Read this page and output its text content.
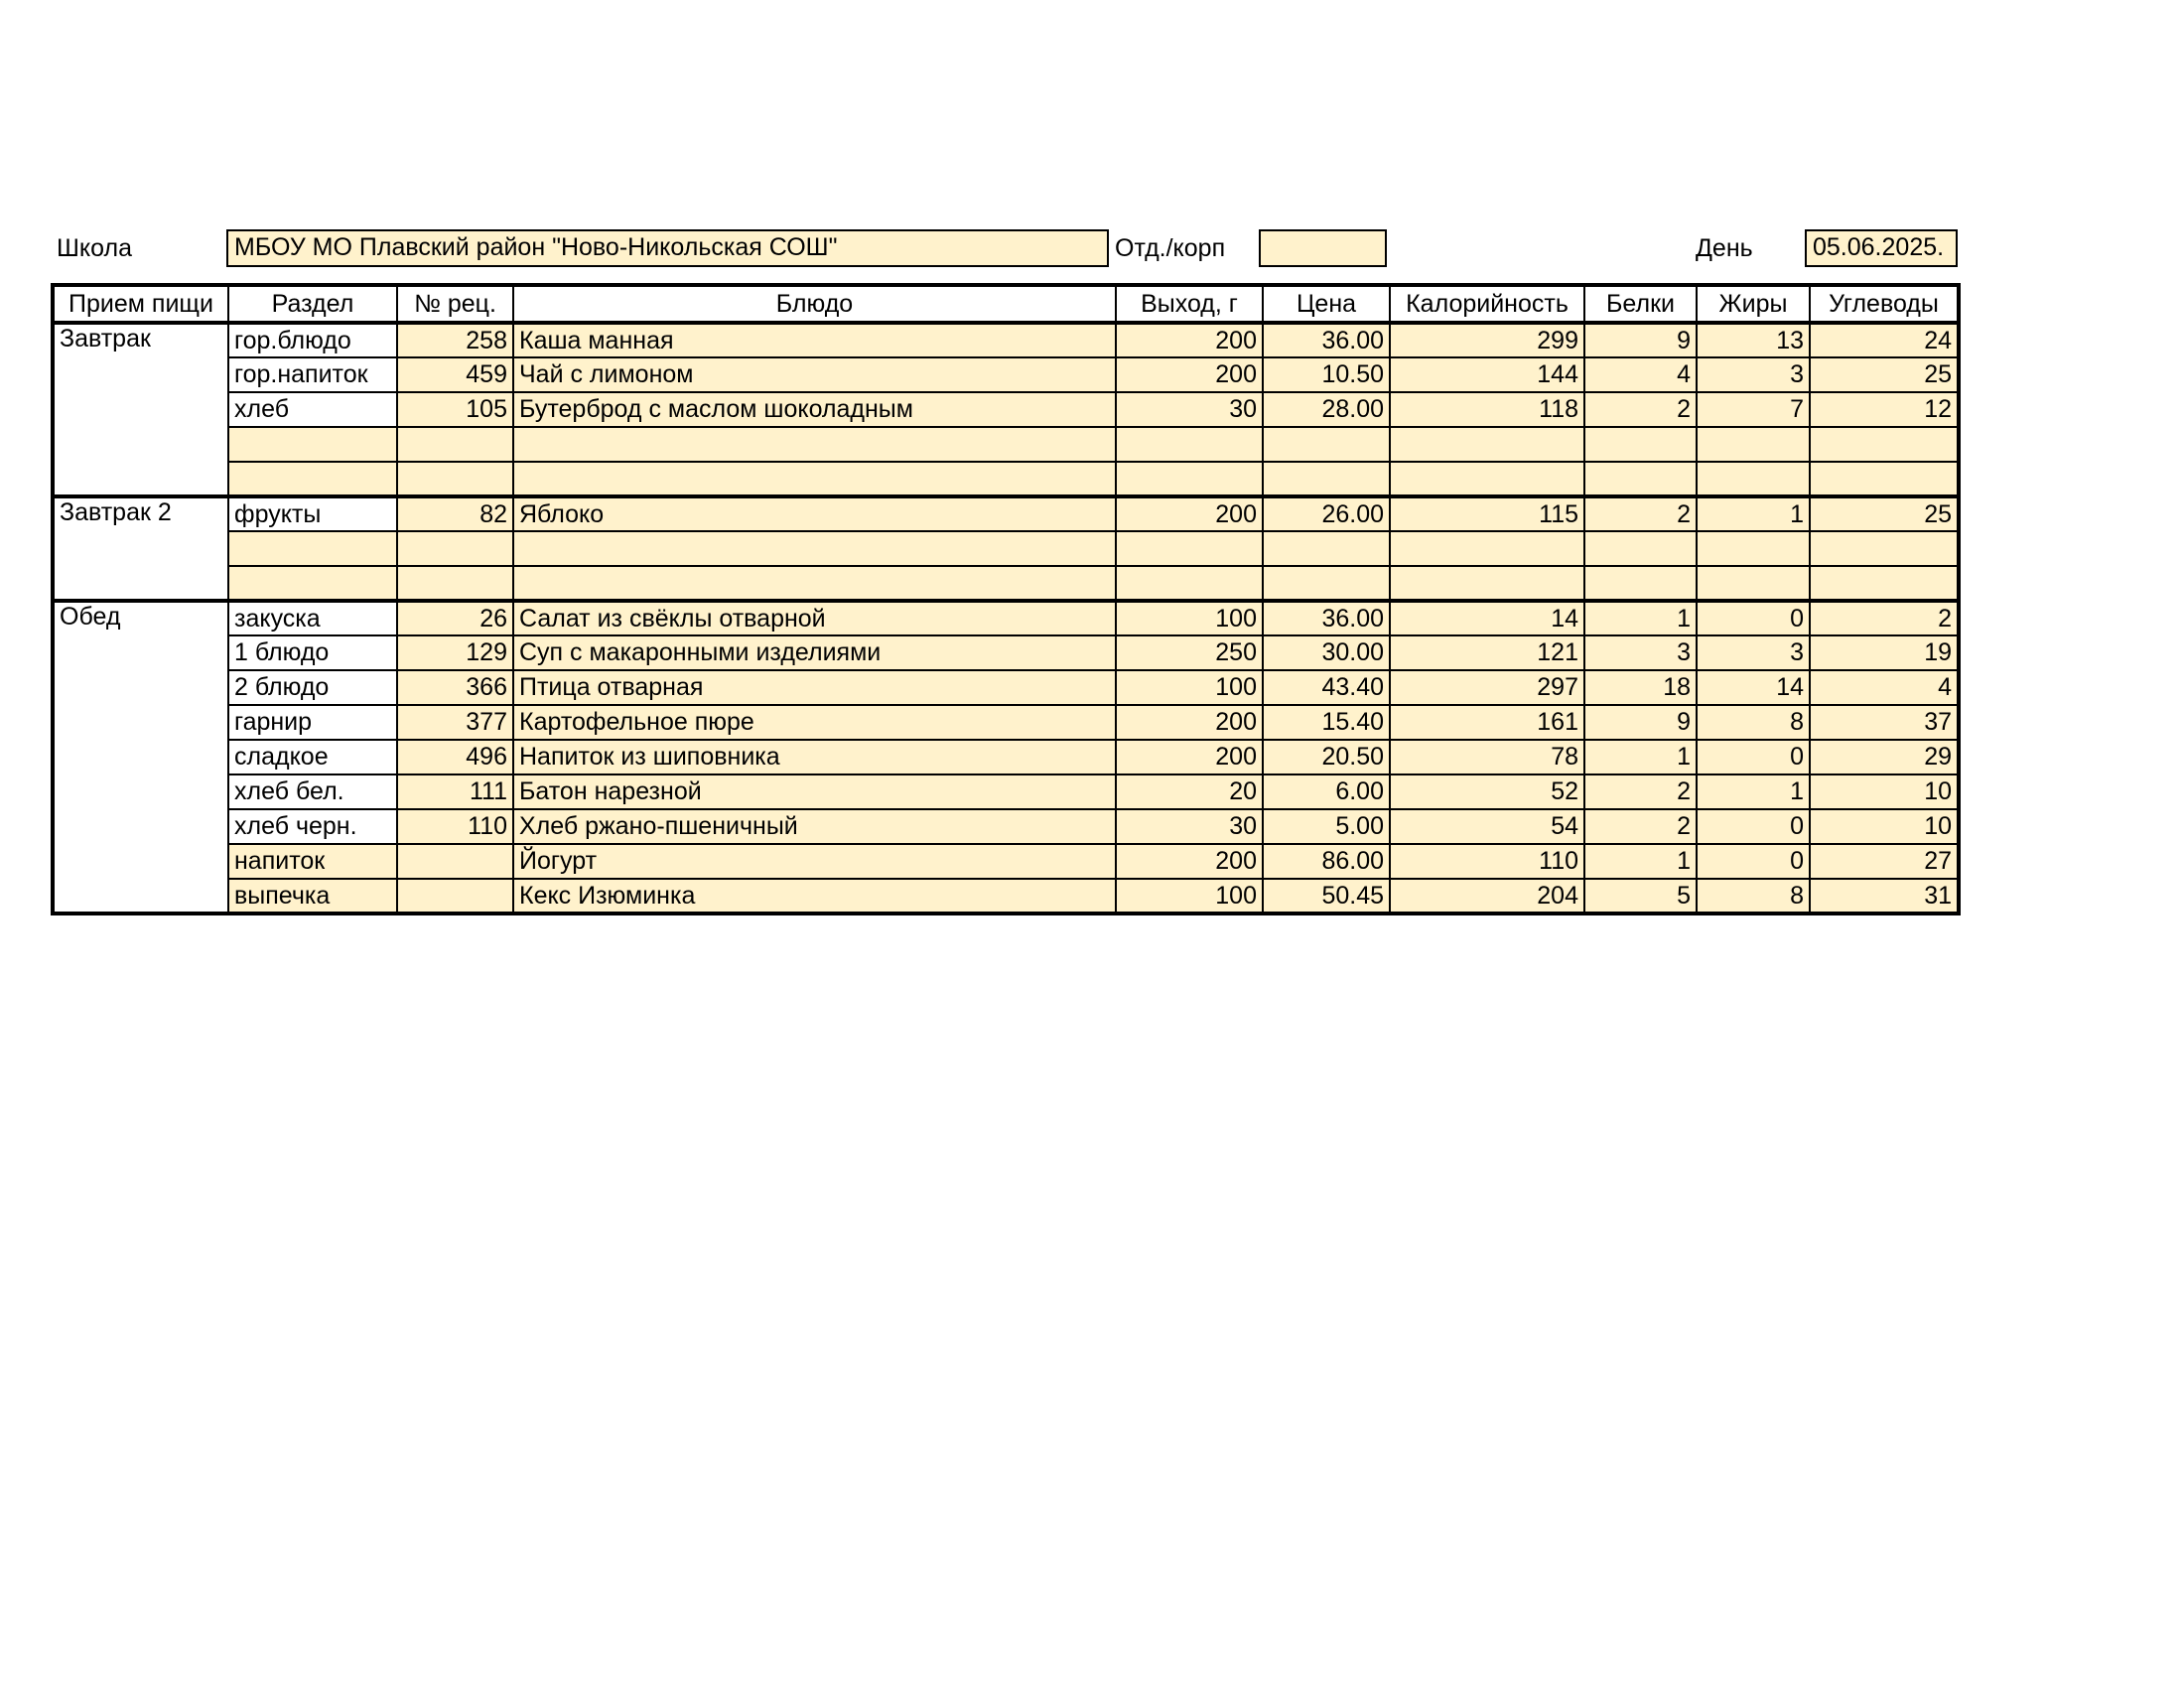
Школа	МБОУ МО Плавский район "Ново-Никольская СОШ"	Отд./корп	День	05.06.2025.
Прием пищи	Раздел	№ рец.	Блюдо	Выход, г	Цена	Калорийность	Белки	Жиры	Углеводы
Завтрак	гор.блюдо	258	Каша манная	200	36.00	299	9	13	24
	гор.напиток	459	Чай с лимоном	200	10.50	144	4	3	25
	хлеб	105	Бутерброд с маслом шоколадным	30	28.00	118	2	7	12

Завтрак 2	фрукты	82	Яблоко	200	26.00	115	2	1	25

Обед	закуска	26	Салат из свёклы отварной	100	36.00	14	1	0	2
	1 блюдо	129	Суп с макаронными изделиями	250	30.00	121	3	3	19
	2 блюдо	366	Птица отварная	100	43.40	297	18	14	4
	гарнир	377	Картофельное пюре	200	15.40	161	9	8	37
	сладкое	496	Напиток из шиповника	200	20.50	78	1	0	29
	хлеб бел.	111	Батон нарезной	20	6.00	52	2	1	10
	хлеб черн.	110	Хлеб ржано-пшеничный	30	5.00	54	2	0	10
	напиток		Йогурт	200	86.00	110	1	0	27
	выпечка		Кекс Изюминка	100	50.45	204	5	8	31
